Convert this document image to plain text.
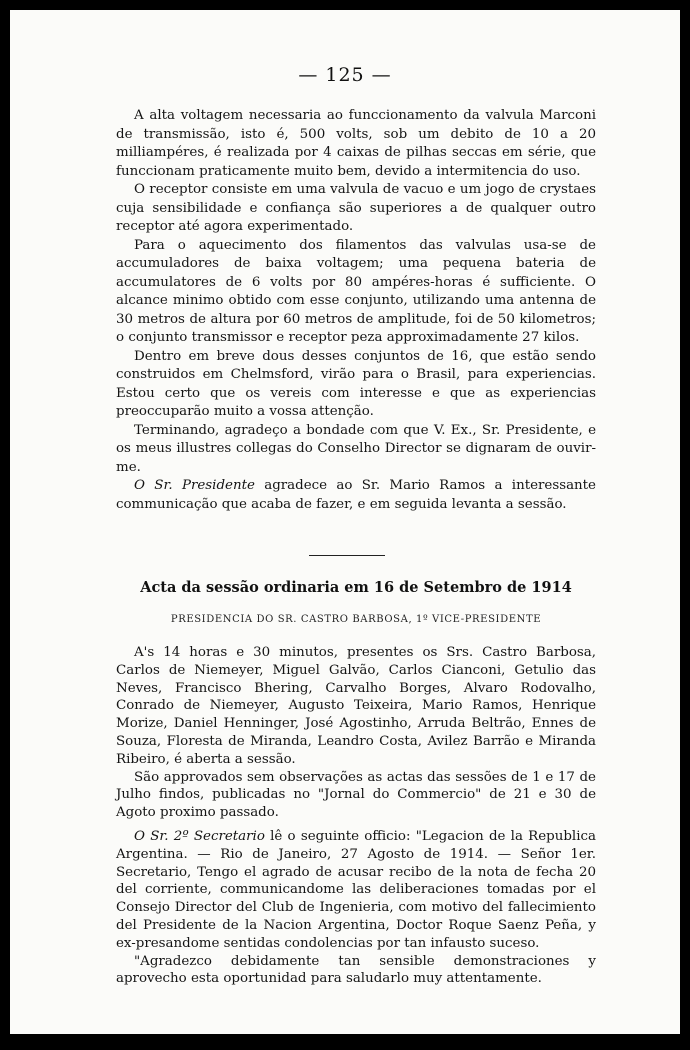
— 125 —

A alta voltagem necessaria ao funccionamento da valvula Marconi de transmissão, isto é, 500 volts, sob um debito de 10 a 20 milliampéres, é realizada por 4 caixas de pilhas seccas em série, que funccionam praticamente muito bem, devido a intermitencia do uso.

O receptor consiste em uma valvula de vacuo e um jogo de crystaes cuja sensibilidade e confiança são superiores a de qualquer outro receptor até agora experimentado.

Para o aquecimento dos filamentos das valvulas usa-se de accumuladores de baixa voltagem; uma pequena bateria de accumulatores de 6 volts por 80 ampéres-horas é sufficiente. O alcance minimo obtido com esse conjunto, utilizando uma antenna de 30 metros de altura por 60 metros de amplitude, foi de 50 kilometros; o conjunto transmissor e receptor peza approximadamente 27 kilos.

Dentro em breve dous desses conjuntos de 16, que estão sendo construidos em Chelmsford, virão para o Brasil, para experiencias. Estou certo que os vereis com interesse e que as experiencias preoccuparão muito a vossa attenção.

Terminando, agradeço a bondade com que V. Ex., Sr. Presidente, e os meus illustres collegas do Conselho Director se dignaram de ouvir-me.

O Sr. Presidente agradece ao Sr. Mario Ramos a interessante communicação que acaba de fazer, e em seguida levanta a sessão.

Acta da sessão ordinaria em 16 de Setembro de 1914
PRESIDENCIA DO SR. CASTRO BARBOSA, 1º VICE-PRESIDENTE

A's 14 horas e 30 minutos, presentes os Srs. Castro Barbosa, Carlos de Niemeyer, Miguel Galvão, Carlos Cianconi, Getulio das Neves, Francisco Bhering, Carvalho Borges, Alvaro Rodovalho, Conrado de Niemeyer, Augusto Teixeira, Mario Ramos, Henrique Morize, Daniel Henninger, José Agostinho, Arruda Beltrão, Ennes de Souza, Floresta de Miranda, Leandro Costa, Avilez Barrão e Miranda Ribeiro, é aberta a sessão.

São approvados sem observações as actas das sessões de 1 e 17 de Julho findos, publicadas no "Jornal do Commercio" de 21 e 30 de Agoto proximo passado.

O Sr. 2º Secretario lê o seguinte officio: "Legacion de la Republica Argentina. — Rio de Janeiro, 27 Agosto de 1914. — Señor 1er. Secretario, Tengo el agrado de acusar recibo de la nota de fecha 20 del corriente, communicandome las deliberaciones tomadas por el Consejo Director del Club de Ingenieria, com motivo del fallecimiento del Presidente de la Nacion Argentina, Doctor Roque Saenz Peña, y ex-presandome sentidas condolencias por tan infausto suceso.

"Agradezco debidamente tan sensible demonstraciones y aprovecho esta oportunidad para saludarlo muy attentamente.
